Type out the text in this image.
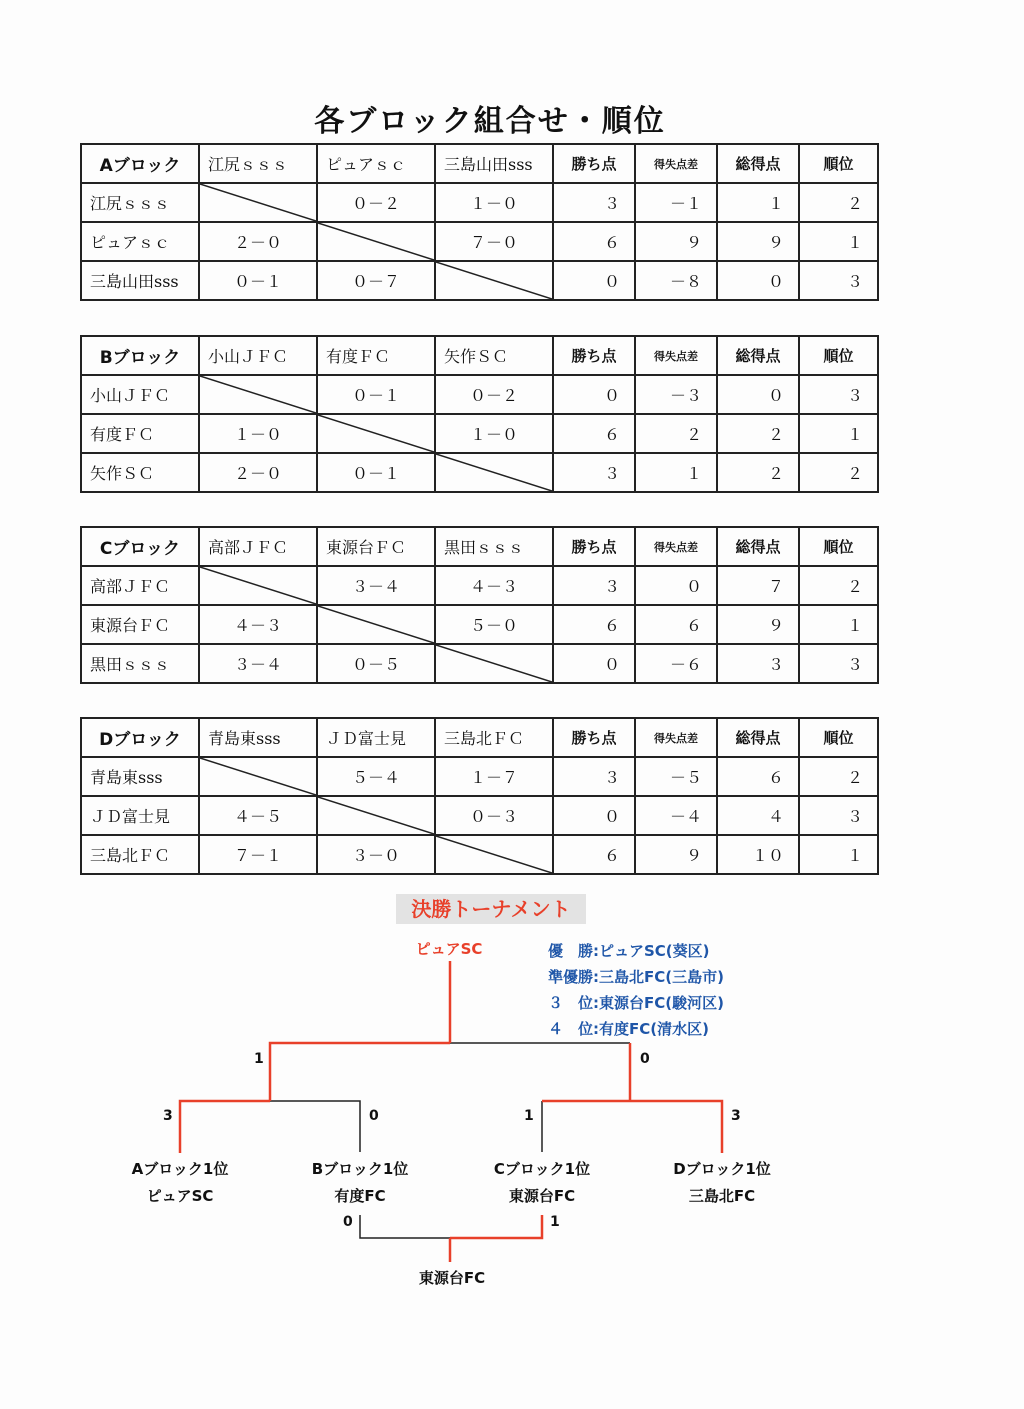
各ブロック組合せ・順位
Aブロック	江尻ｓｓｓ	ピュアｓｃ	三島山田sss	勝ち点	得失点差	総得点	順位
江尻ｓｓｓ		０－２	１－０	３	－１	１	２
ピュアｓｃ	２－０		７－０	６	９	９	１
三島山田sss	０－１	０－７		０	－８	０	３
Bブロック	小山ＪＦＣ	有度ＦＣ	矢作ＳＣ	勝ち点	得失点差	総得点	順位
小山ＪＦＣ		０－１	０－２	０	－３	０	３
有度ＦＣ	１－０		１－０	６	２	２	１
矢作ＳＣ	２－０	０－１		３	１	２	２
Cブロック	高部ＪＦＣ	東源台ＦＣ	黒田ｓｓｓ	勝ち点	得失点差	総得点	順位
高部ＪＦＣ		３－４	４－３	３	０	７	２
東源台ＦＣ	４－３		５－０	６	６	９	１
黒田ｓｓｓ	３－４	０－５		０	－６	３	３
Dブロック	青島東sss	ＪＤ富士見	三島北ＦＣ	勝ち点	得失点差	総得点	順位
青島東sss		５－４	１－７	３	－５	６	２
ＪＤ富士見	４－５		０－３	０	－４	４	３
三島北ＦＣ	７－１	３－０		６	９	１０	１
決勝トーナメント
ピュアSC	優　勝:ピュアSC(葵区)
準優勝:三島北FC(三島市)
３　位:東源台FC(駿河区)
４　位:有度FC(清水区)
1	0
3	0	1	3
Aブロック1位
ピュアSC
Bブロック1位
有度FC
Cブロック1位
東源台FC
Dブロック1位
三島北FC
0	1
東源台FC
